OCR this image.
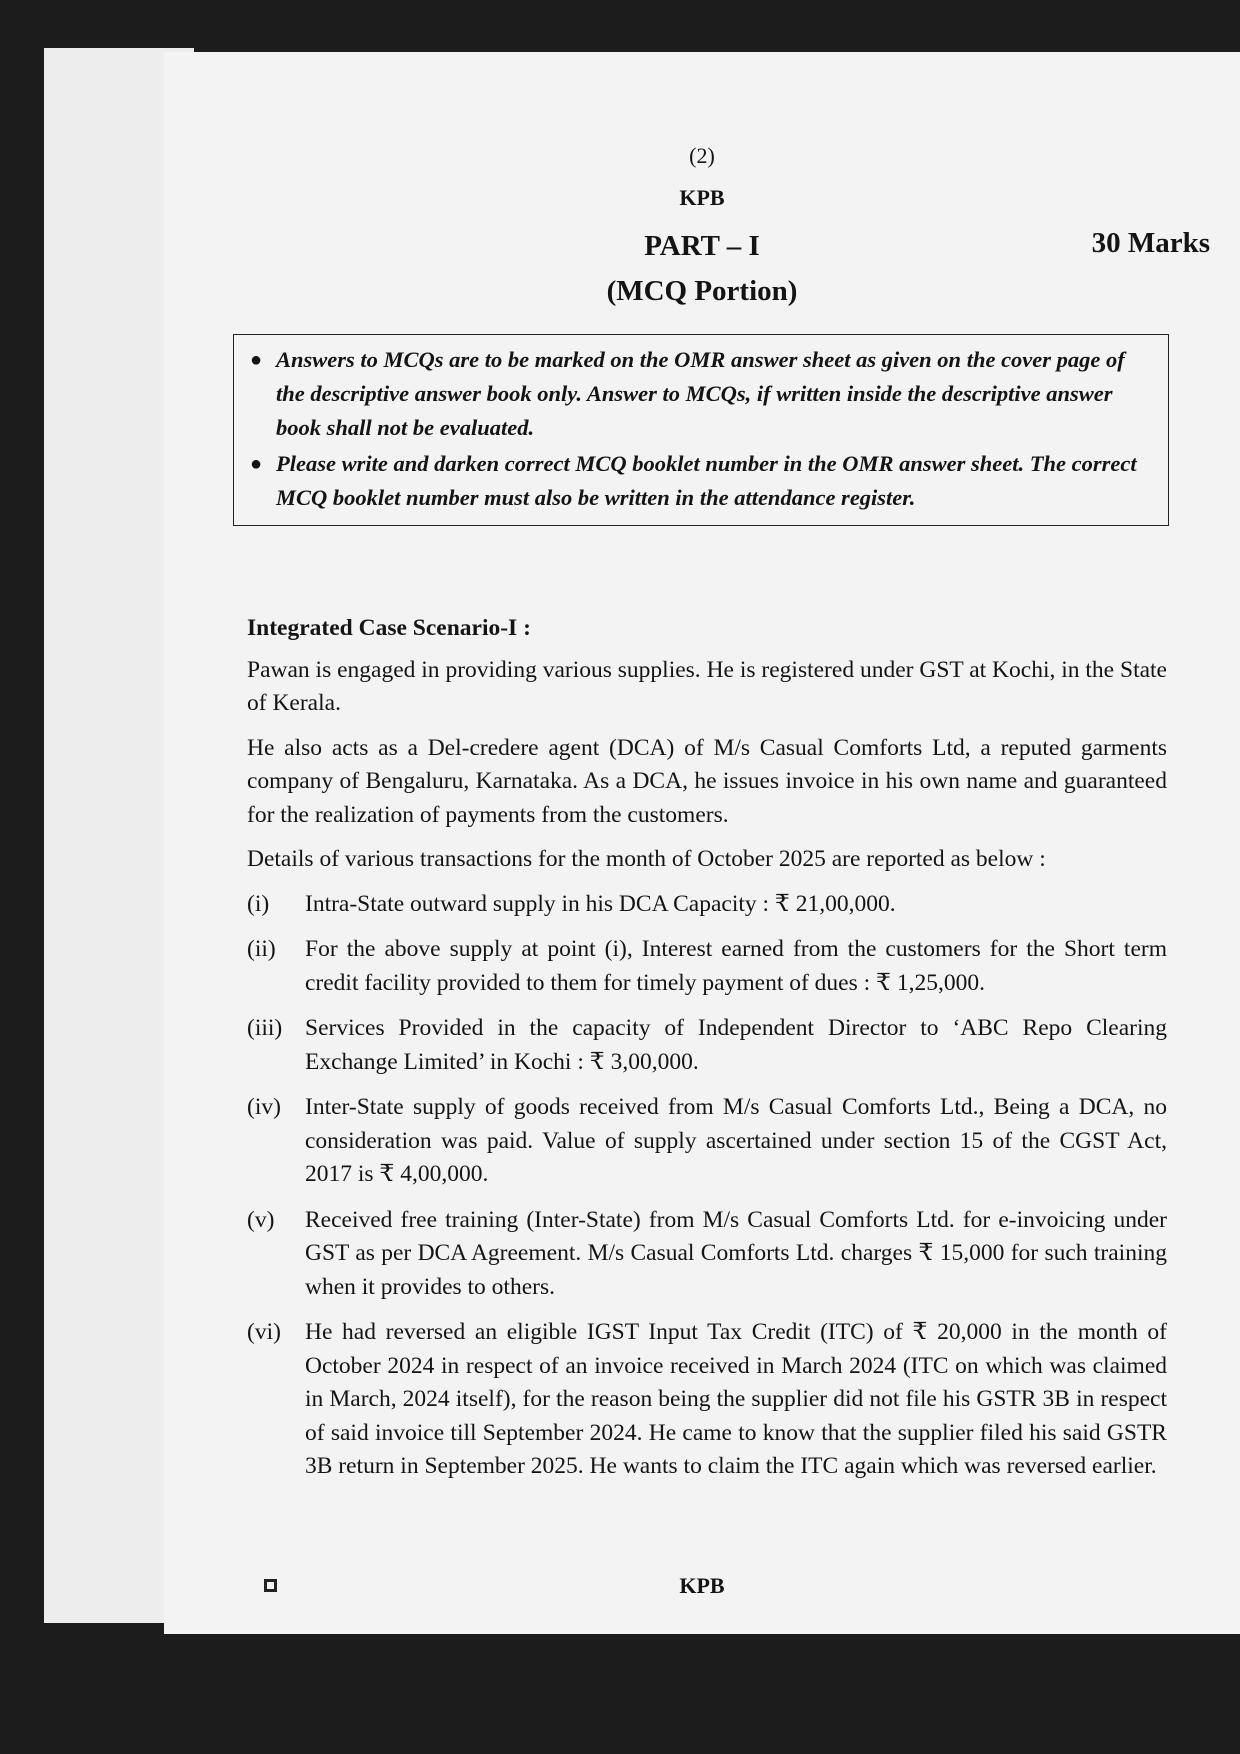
(2)
KPB
PART – I	30 Marks
(MCQ Portion)
● Answers to MCQs are to be marked on the OMR answer sheet as given on the cover page of the descriptive answer book only. Answer to MCQs, if written inside the descriptive answer book shall not be evaluated.
● Please write and darken correct MCQ booklet number in the OMR answer sheet. The correct MCQ booklet number must also be written in the attendance register.
Integrated Case Scenario-I :

Pawan is engaged in providing various supplies. He is registered under GST at Kochi, in the State of Kerala.

He also acts as a Del-credere agent (DCA) of M/s Casual Comforts Ltd, a reputed garments company of Bengaluru, Karnataka. As a DCA, he issues invoice in his own name and guaranteed for the realization of payments from the customers.

Details of various transactions for the month of October 2025 are reported as below :

(i)	Intra-State outward supply in his DCA Capacity : ₹ 21,00,000.
(ii)	For the above supply at point (i), Interest earned from the customers for the Short term credit facility provided to them for timely payment of dues : ₹ 1,25,000.
(iii) Services Provided in the capacity of Independent Director to ‘ABC Repo Clearing Exchange Limited’ in Kochi : ₹ 3,00,000.
(iv)	Inter-State supply of goods received from M/s Casual Comforts Ltd., Being a DCA, no consideration was paid. Value of supply ascertained under section 15 of the CGST Act, 2017 is ₹ 4,00,000.
(v)	Received free training (Inter-State) from M/s Casual Comforts Ltd. for e-invoicing under GST as per DCA Agreement. M/s Casual Comforts Ltd. charges ₹ 15,000 for such training when it provides to others.
(vi)	He had reversed an eligible IGST Input Tax Credit (ITC) of ₹ 20,000 in the month of October 2024 in respect of an invoice received in March 2024 (ITC on which was claimed in March, 2024 itself), for the reason being the supplier did not file his GSTR 3B in respect of said invoice till September 2024. He came to know that the supplier filed his said GSTR 3B return in September 2025. He wants to claim the ITC again which was reversed earlier.
KPB
